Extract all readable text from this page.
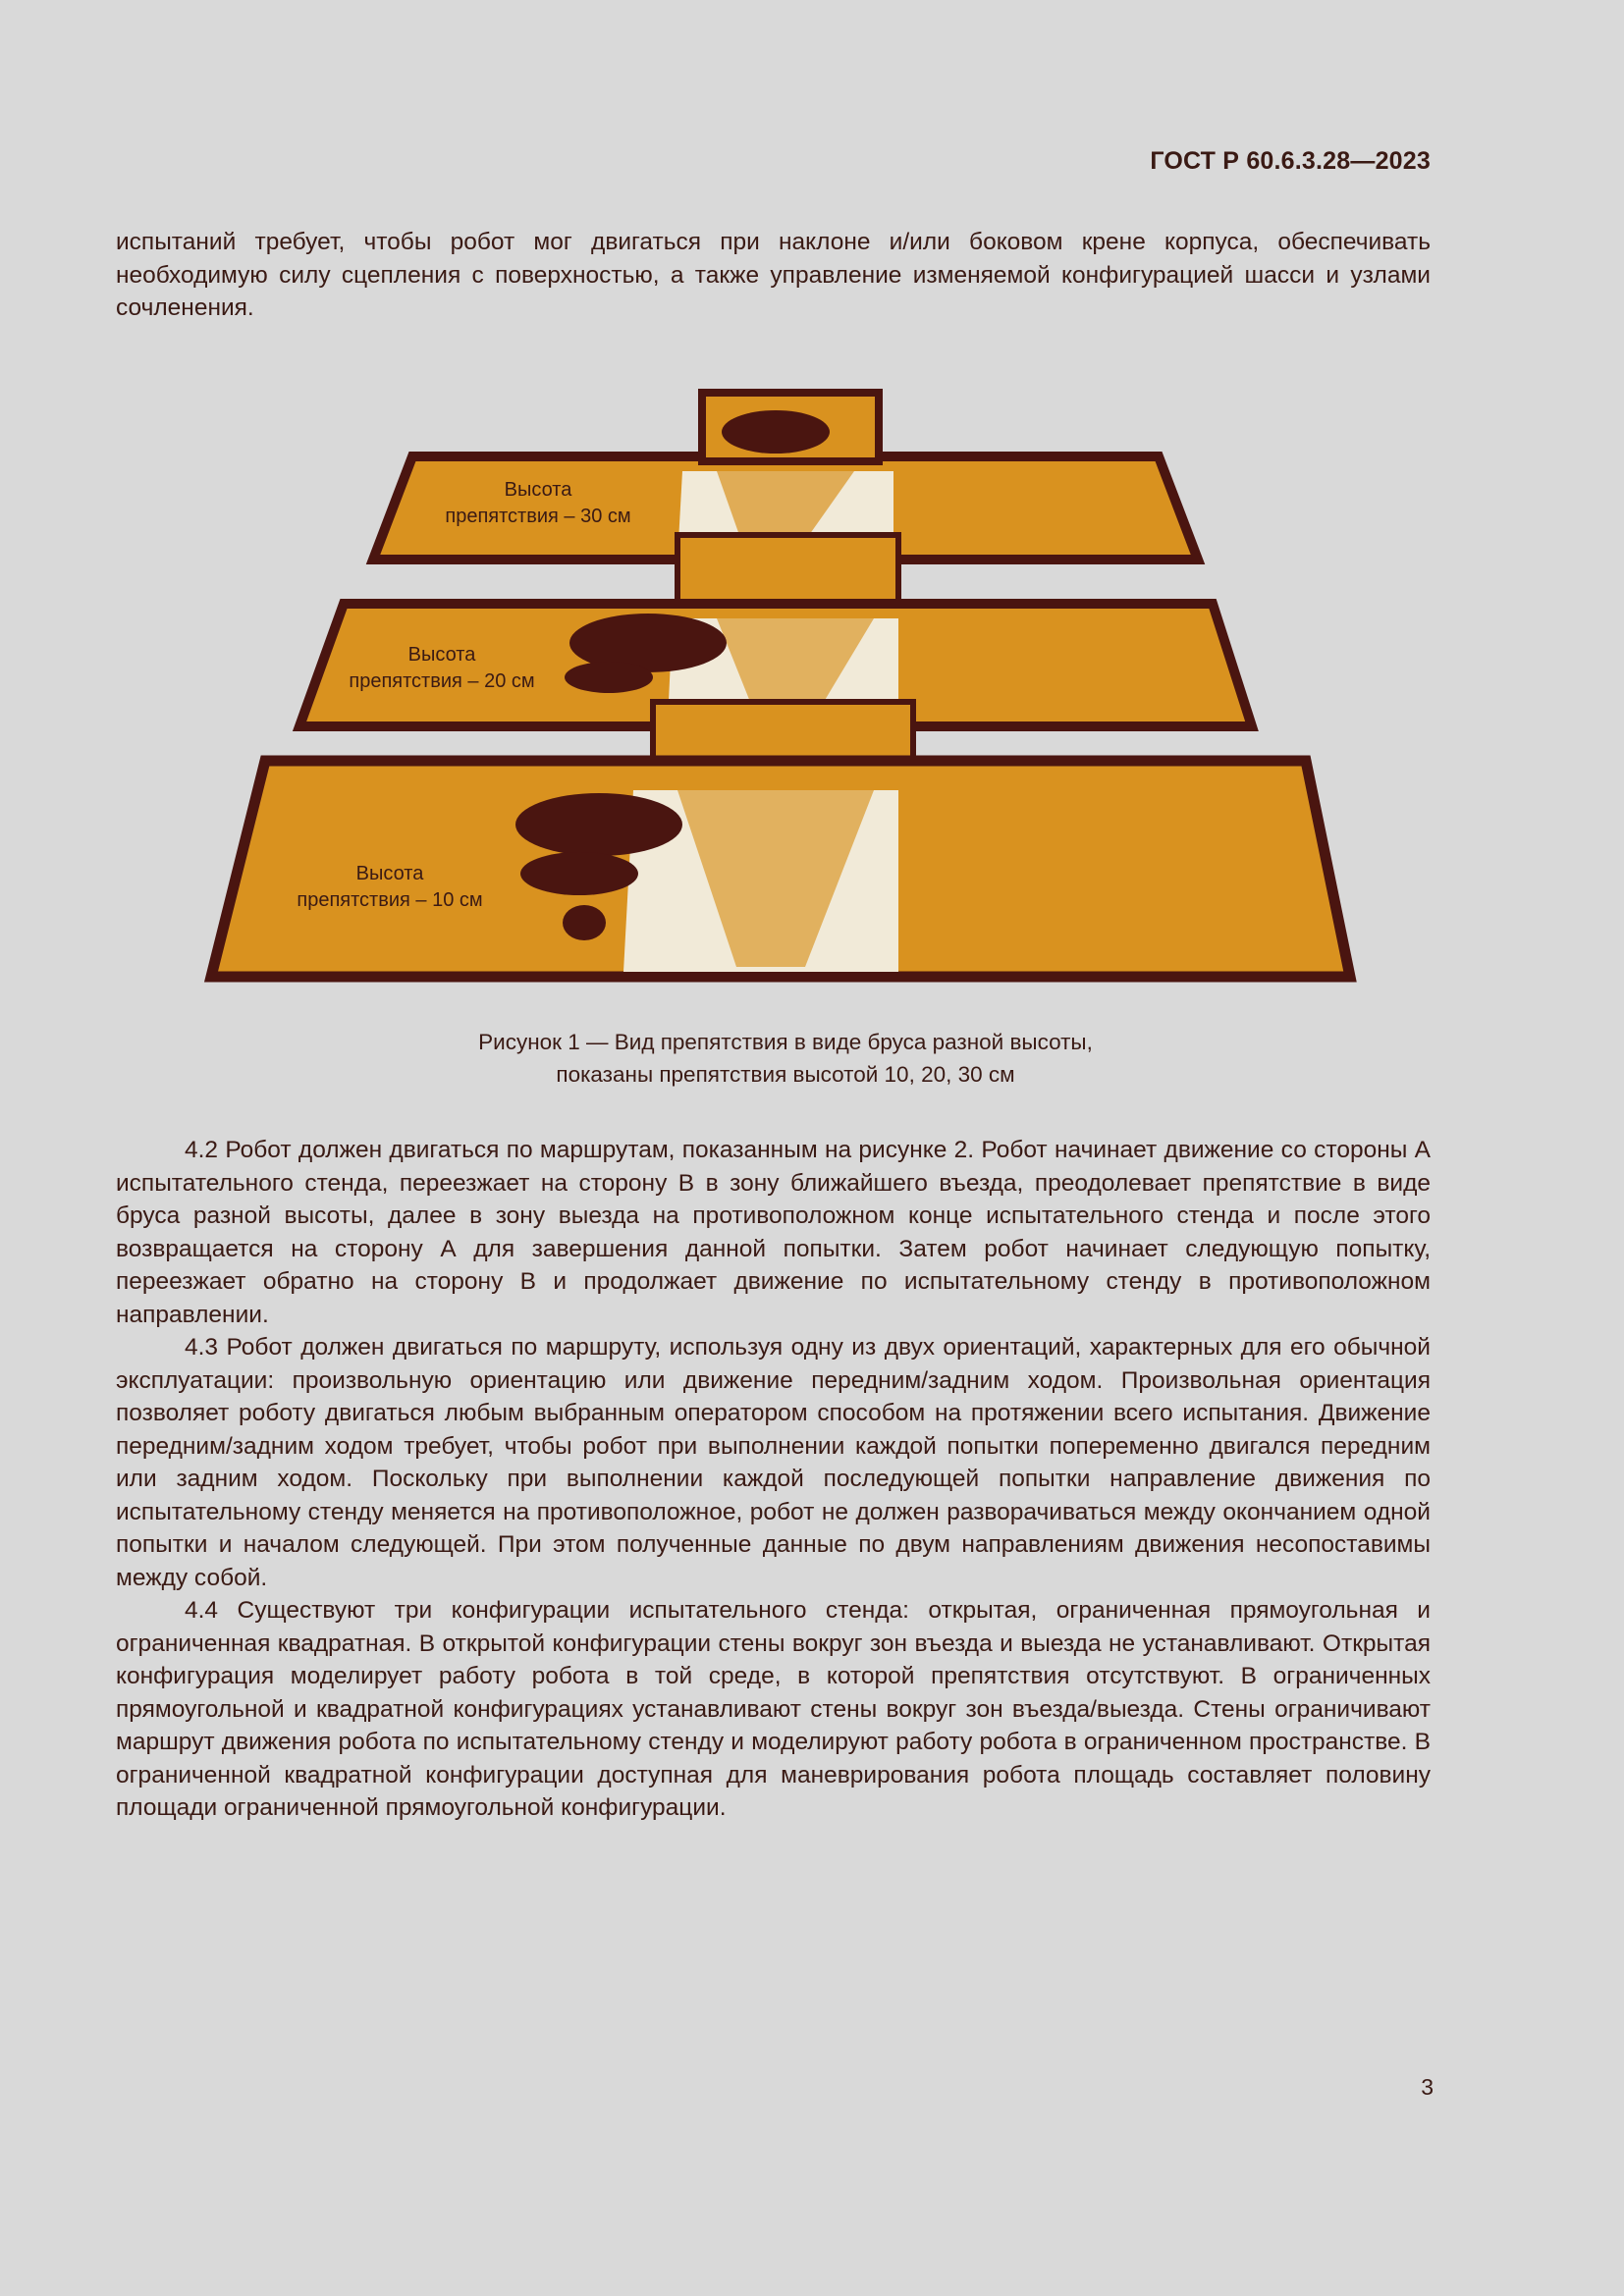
ГОСТ Р 60.6.3.28—2023

испытаний требует, чтобы робот мог двигаться при наклоне и/или боковом крене корпуса, обеспечивать необходимую силу сцепления с поверхностью, а также управление изменяемой конфигурацией шасси и узлами сочленения.

Высота
препятствия – 30 см
Высота
препятствия – 20 см
Высота
препятствия – 10 см
Рисунок 1 — Вид препятствия в виде бруса разной высоты,
показаны препятствия высотой 10, 20, 30 см

4.2 Робот должен двигаться по маршрутам, показанным на рисунке 2. Робот начинает движение со стороны А испытательного стенда, переезжает на сторону В в зону ближайшего въезда, преодолевает препятствие в виде бруса разной высоты, далее в зону выезда на противоположном конце испытательного стенда и после этого возвращается на сторону А для завершения данной попытки. Затем робот начинает следующую попытку, переезжает обратно на сторону В и продолжает движение по испытательному стенду в противоположном направлении.

4.3 Робот должен двигаться по маршруту, используя одну из двух ориентаций, характерных для его обычной эксплуатации: произвольную ориентацию или движение передним/задним ходом. Произвольная ориентация позволяет роботу двигаться любым выбранным оператором способом на протяжении всего испытания. Движение передним/задним ходом требует, чтобы робот при выполнении каждой попытки попеременно двигался передним или задним ходом. Поскольку при выполнении каждой последующей попытки направление движения по испытательному стенду меняется на противоположное, робот не должен разворачиваться между окончанием одной попытки и началом следующей. При этом полученные данные по двум направлениям движения несопоставимы между собой.

4.4 Существуют три конфигурации испытательного стенда: открытая, ограниченная прямоугольная и ограниченная квадратная. В открытой конфигурации стены вокруг зон въезда и выезда не устанавливают. Открытая конфигурация моделирует работу робота в той среде, в которой препятствия отсутствуют. В ограниченных прямоугольной и квадратной конфигурациях устанавливают стены вокруг зон въезда/выезда. Стены ограничивают маршрут движения робота по испытательному стенду и моделируют работу робота в ограниченном пространстве. В ограниченной квадратной конфигурации доступная для маневрирования робота площадь составляет половину площади ограниченной прямоугольной конфигурации.

3
